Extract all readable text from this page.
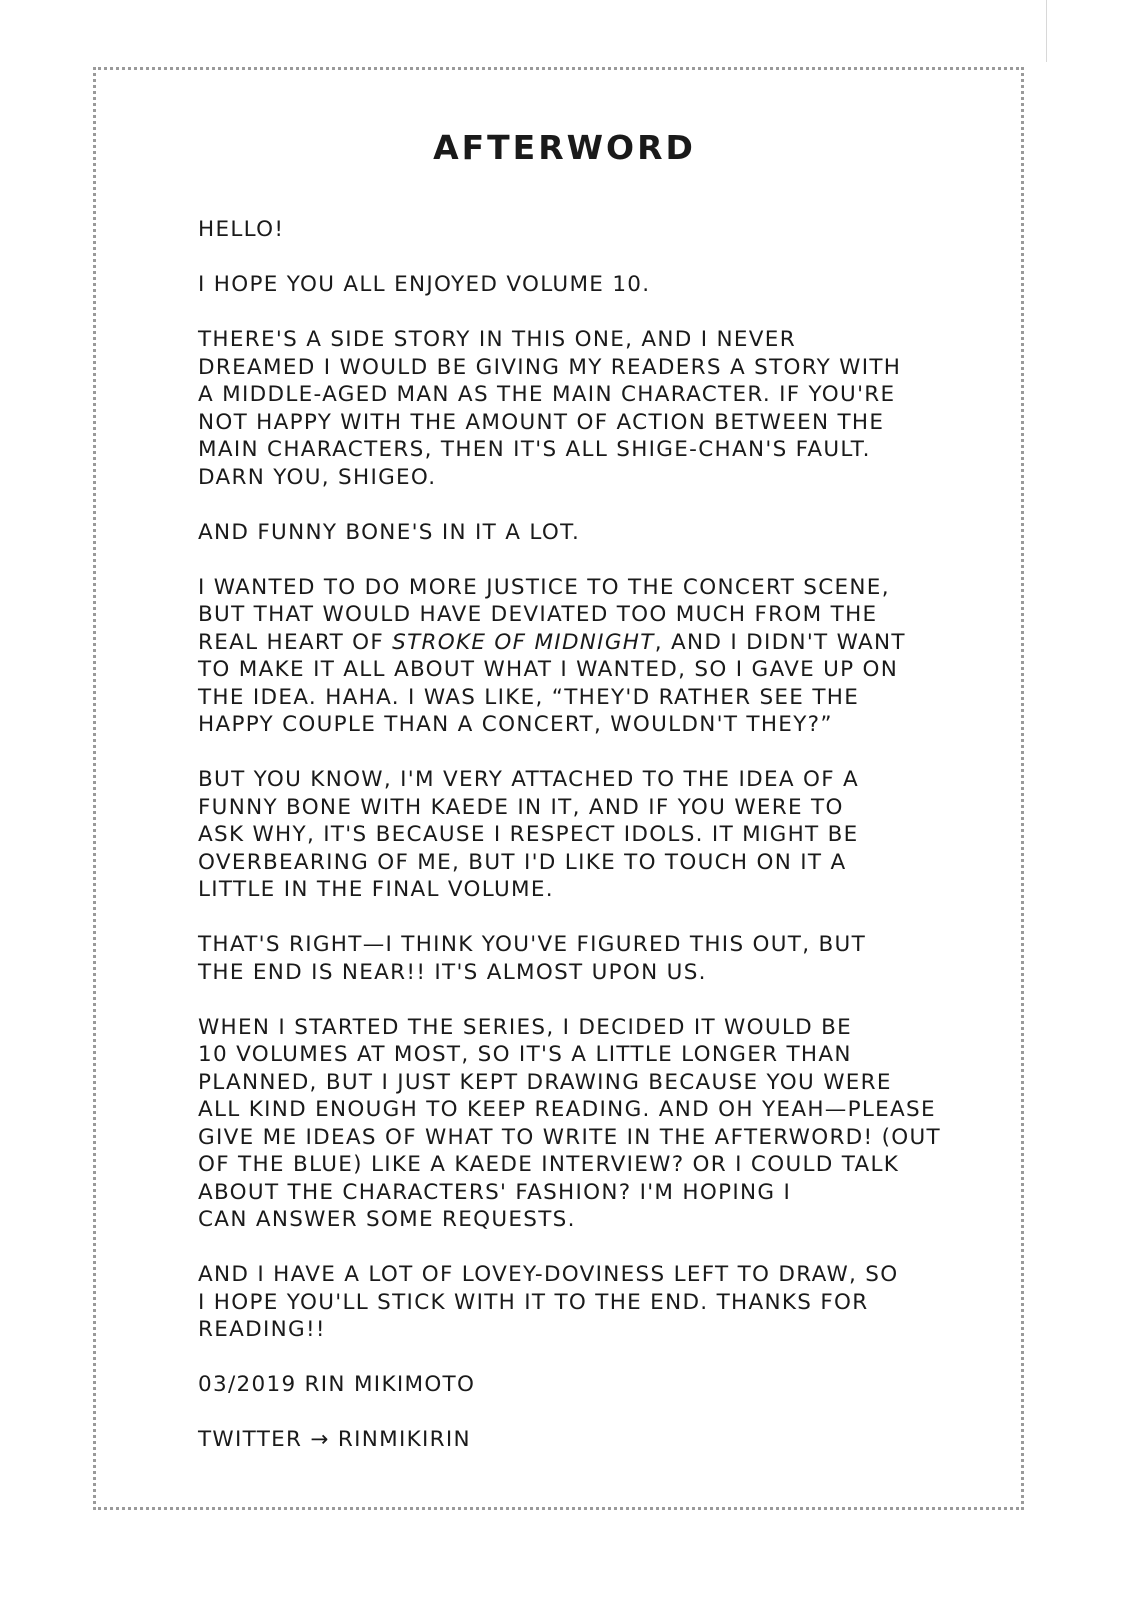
AFTERWORD

HELLO!

I HOPE YOU ALL ENJOYED VOLUME 10.

THERE'S A SIDE STORY IN THIS ONE, AND I NEVER
DREAMED I WOULD BE GIVING MY READERS A STORY WITH
A MIDDLE-AGED MAN AS THE MAIN CHARACTER. IF YOU'RE
NOT HAPPY WITH THE AMOUNT OF ACTION BETWEEN THE
MAIN CHARACTERS, THEN IT'S ALL SHIGE-CHAN'S FAULT.
DARN YOU, SHIGEO.

AND FUNNY BONE'S IN IT A LOT.

I WANTED TO DO MORE JUSTICE TO THE CONCERT SCENE,
BUT THAT WOULD HAVE DEVIATED TOO MUCH FROM THE
REAL HEART OF STROKE OF MIDNIGHT, AND I DIDN'T WANT
TO MAKE IT ALL ABOUT WHAT I WANTED, SO I GAVE UP ON
THE IDEA. HAHA. I WAS LIKE, “THEY'D RATHER SEE THE
HAPPY COUPLE THAN A CONCERT, WOULDN'T THEY?”

BUT YOU KNOW, I'M VERY ATTACHED TO THE IDEA OF A
FUNNY BONE WITH KAEDE IN IT, AND IF YOU WERE TO
ASK WHY, IT'S BECAUSE I RESPECT IDOLS. IT MIGHT BE
OVERBEARING OF ME, BUT I'D LIKE TO TOUCH ON IT A
LITTLE IN THE FINAL VOLUME.

THAT'S RIGHT—I THINK YOU'VE FIGURED THIS OUT, BUT
THE END IS NEAR!! IT'S ALMOST UPON US.

WHEN I STARTED THE SERIES, I DECIDED IT WOULD BE
10 VOLUMES AT MOST, SO IT'S A LITTLE LONGER THAN
PLANNED, BUT I JUST KEPT DRAWING BECAUSE YOU WERE
ALL KIND ENOUGH TO KEEP READING. AND OH YEAH—PLEASE
GIVE ME IDEAS OF WHAT TO WRITE IN THE AFTERWORD! (OUT
OF THE BLUE) LIKE A KAEDE INTERVIEW? OR I COULD TALK
ABOUT THE CHARACTERS' FASHION? I'M HOPING I
CAN ANSWER SOME REQUESTS.

AND I HAVE A LOT OF LOVEY-DOVINESS LEFT TO DRAW, SO
I HOPE YOU'LL STICK WITH IT TO THE END. THANKS FOR
READING!!

03/2019 RIN MIKIMOTO

TWITTER → RINMIKIRIN
